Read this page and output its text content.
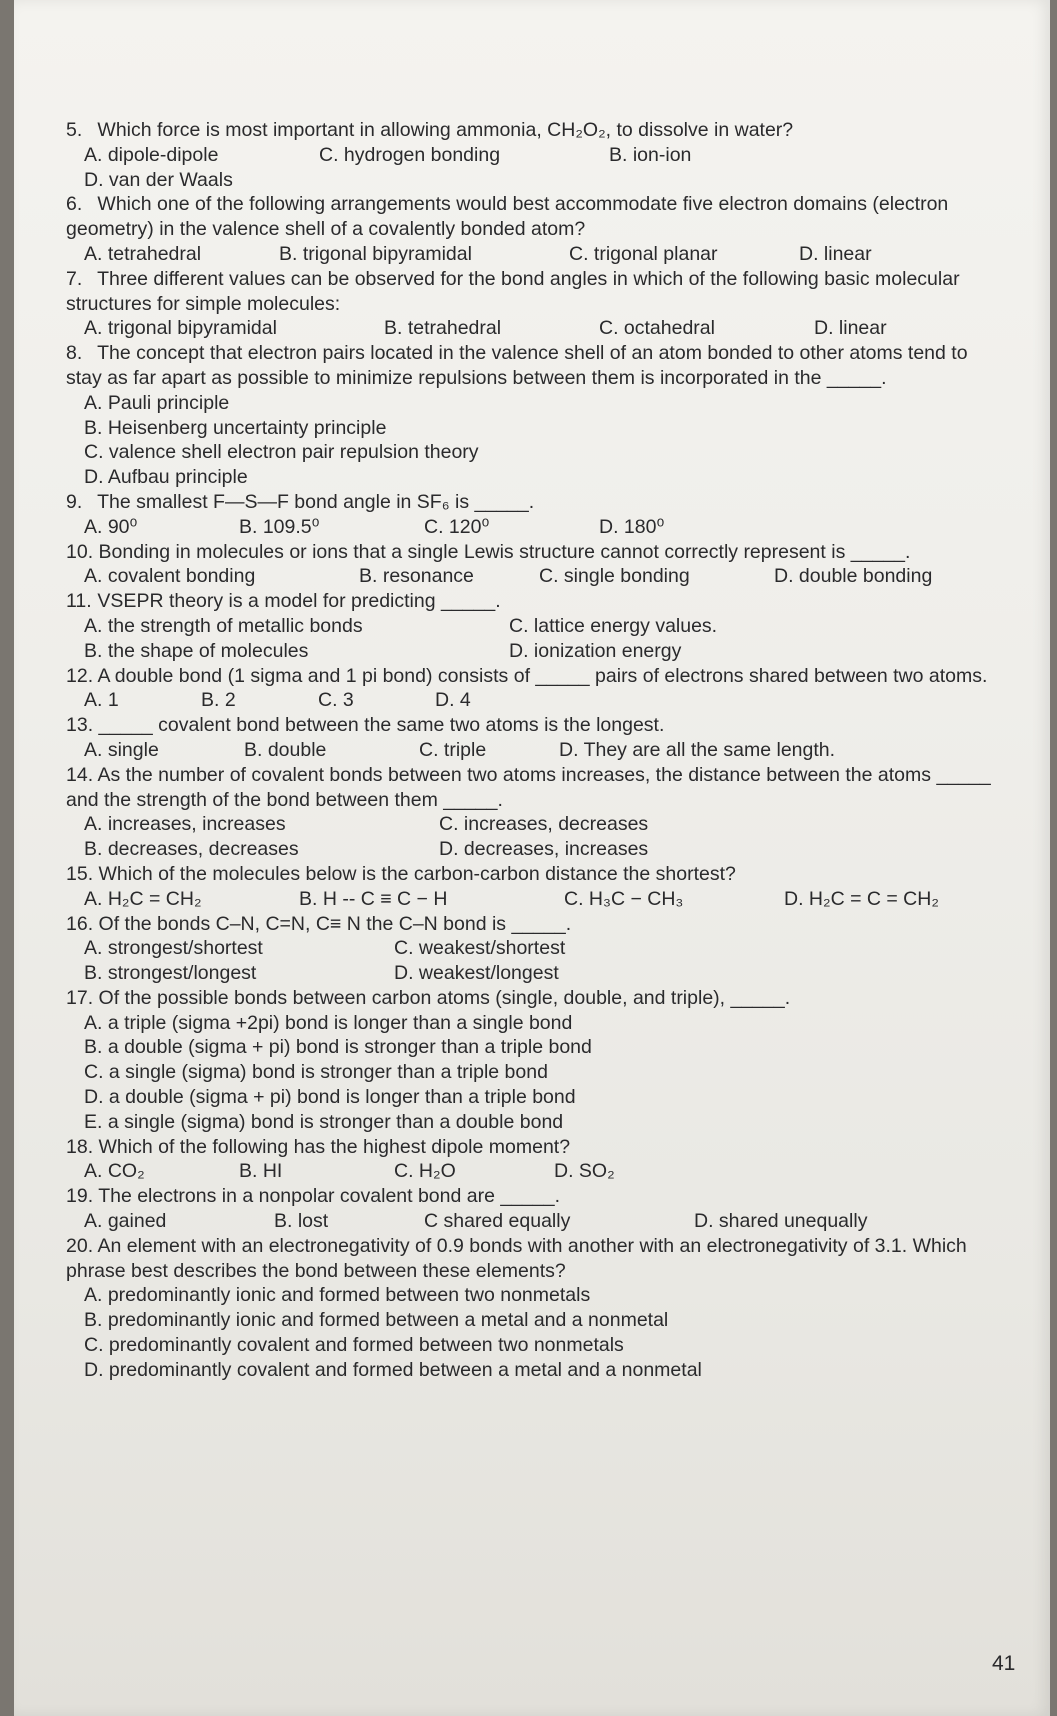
5. Which force is most important in allowing ammonia, CH₂O₂, to dissolve in water?
A. dipole-dipole	C. hydrogen bonding	B. ion-ion
D. van der Waals
6. Which one of the following arrangements would best accommodate five electron domains (electron geometry) in the valence shell of a covalently bonded atom?
A. tetrahedral	B. trigonal bipyramidal	C. trigonal planar	D. linear
7. Three different values can be observed for the bond angles in which of the following basic molecular structures for simple molecules:
A. trigonal bipyramidal	B. tetrahedral	C. octahedral	D. linear
8. The concept that electron pairs located in the valence shell of an atom bonded to other atoms tend to stay as far apart as possible to minimize repulsions between them is incorporated in the _____.
A. Pauli principle
B. Heisenberg uncertainty principle
C. valence shell electron pair repulsion theory
D. Aufbau principle
9. The smallest F—S—F bond angle in SF₆ is _____.
A. 90⁰	B. 109.5⁰	C. 120⁰	D. 180⁰
10. Bonding in molecules or ions that a single Lewis structure cannot correctly represent is _____.
A. covalent bonding	B. resonance	C. single bonding	D. double bonding
11. VSEPR theory is a model for predicting _____.
A. the strength of metallic bonds	C. lattice energy values.
B. the shape of molecules	D. ionization energy
12. A double bond (1 sigma and 1 pi bond) consists of _____ pairs of electrons shared between two atoms.
A. 1	B. 2	C. 3	D. 4
13. _____ covalent bond between the same two atoms is the longest.
A. single	B. double	C. triple	D. They are all the same length.
14. As the number of covalent bonds between two atoms increases, the distance between the atoms _____ and the strength of the bond between them _____.
A. increases, increases	C. increases, decreases
B. decreases, decreases	D. decreases, increases
15. Which of the molecules below is the carbon-carbon distance the shortest?
A. H₂C = CH₂	B. H -- C ≡ C − H	C. H₃C − CH₃	D. H₂C = C = CH₂
16. Of the bonds C–N, C=N, C≡ N the C–N bond is _____.
A. strongest/shortest	C. weakest/shortest
B. strongest/longest	D. weakest/longest
17. Of the possible bonds between carbon atoms (single, double, and triple), _____.
A. a triple (sigma +2pi) bond is longer than a single bond
B. a double (sigma + pi) bond is stronger than a triple bond
C. a single (sigma) bond is stronger than a triple bond
D. a double (sigma + pi) bond is longer than a triple bond
E. a single (sigma) bond is stronger than a double bond
18. Which of the following has the highest dipole moment?
A. CO₂	B. HI	C. H₂O	D. SO₂
19. The electrons in a nonpolar covalent bond are _____.
A. gained	B. lost	C shared equally	D. shared unequally
20. An element with an electronegativity of 0.9 bonds with another with an electronegativity of 3.1. Which phrase best describes the bond between these elements?
A. predominantly ionic and formed between two nonmetals
B. predominantly ionic and formed between a metal and a nonmetal
C. predominantly covalent and formed between two nonmetals
D. predominantly covalent and formed between a metal and a nonmetal
41
